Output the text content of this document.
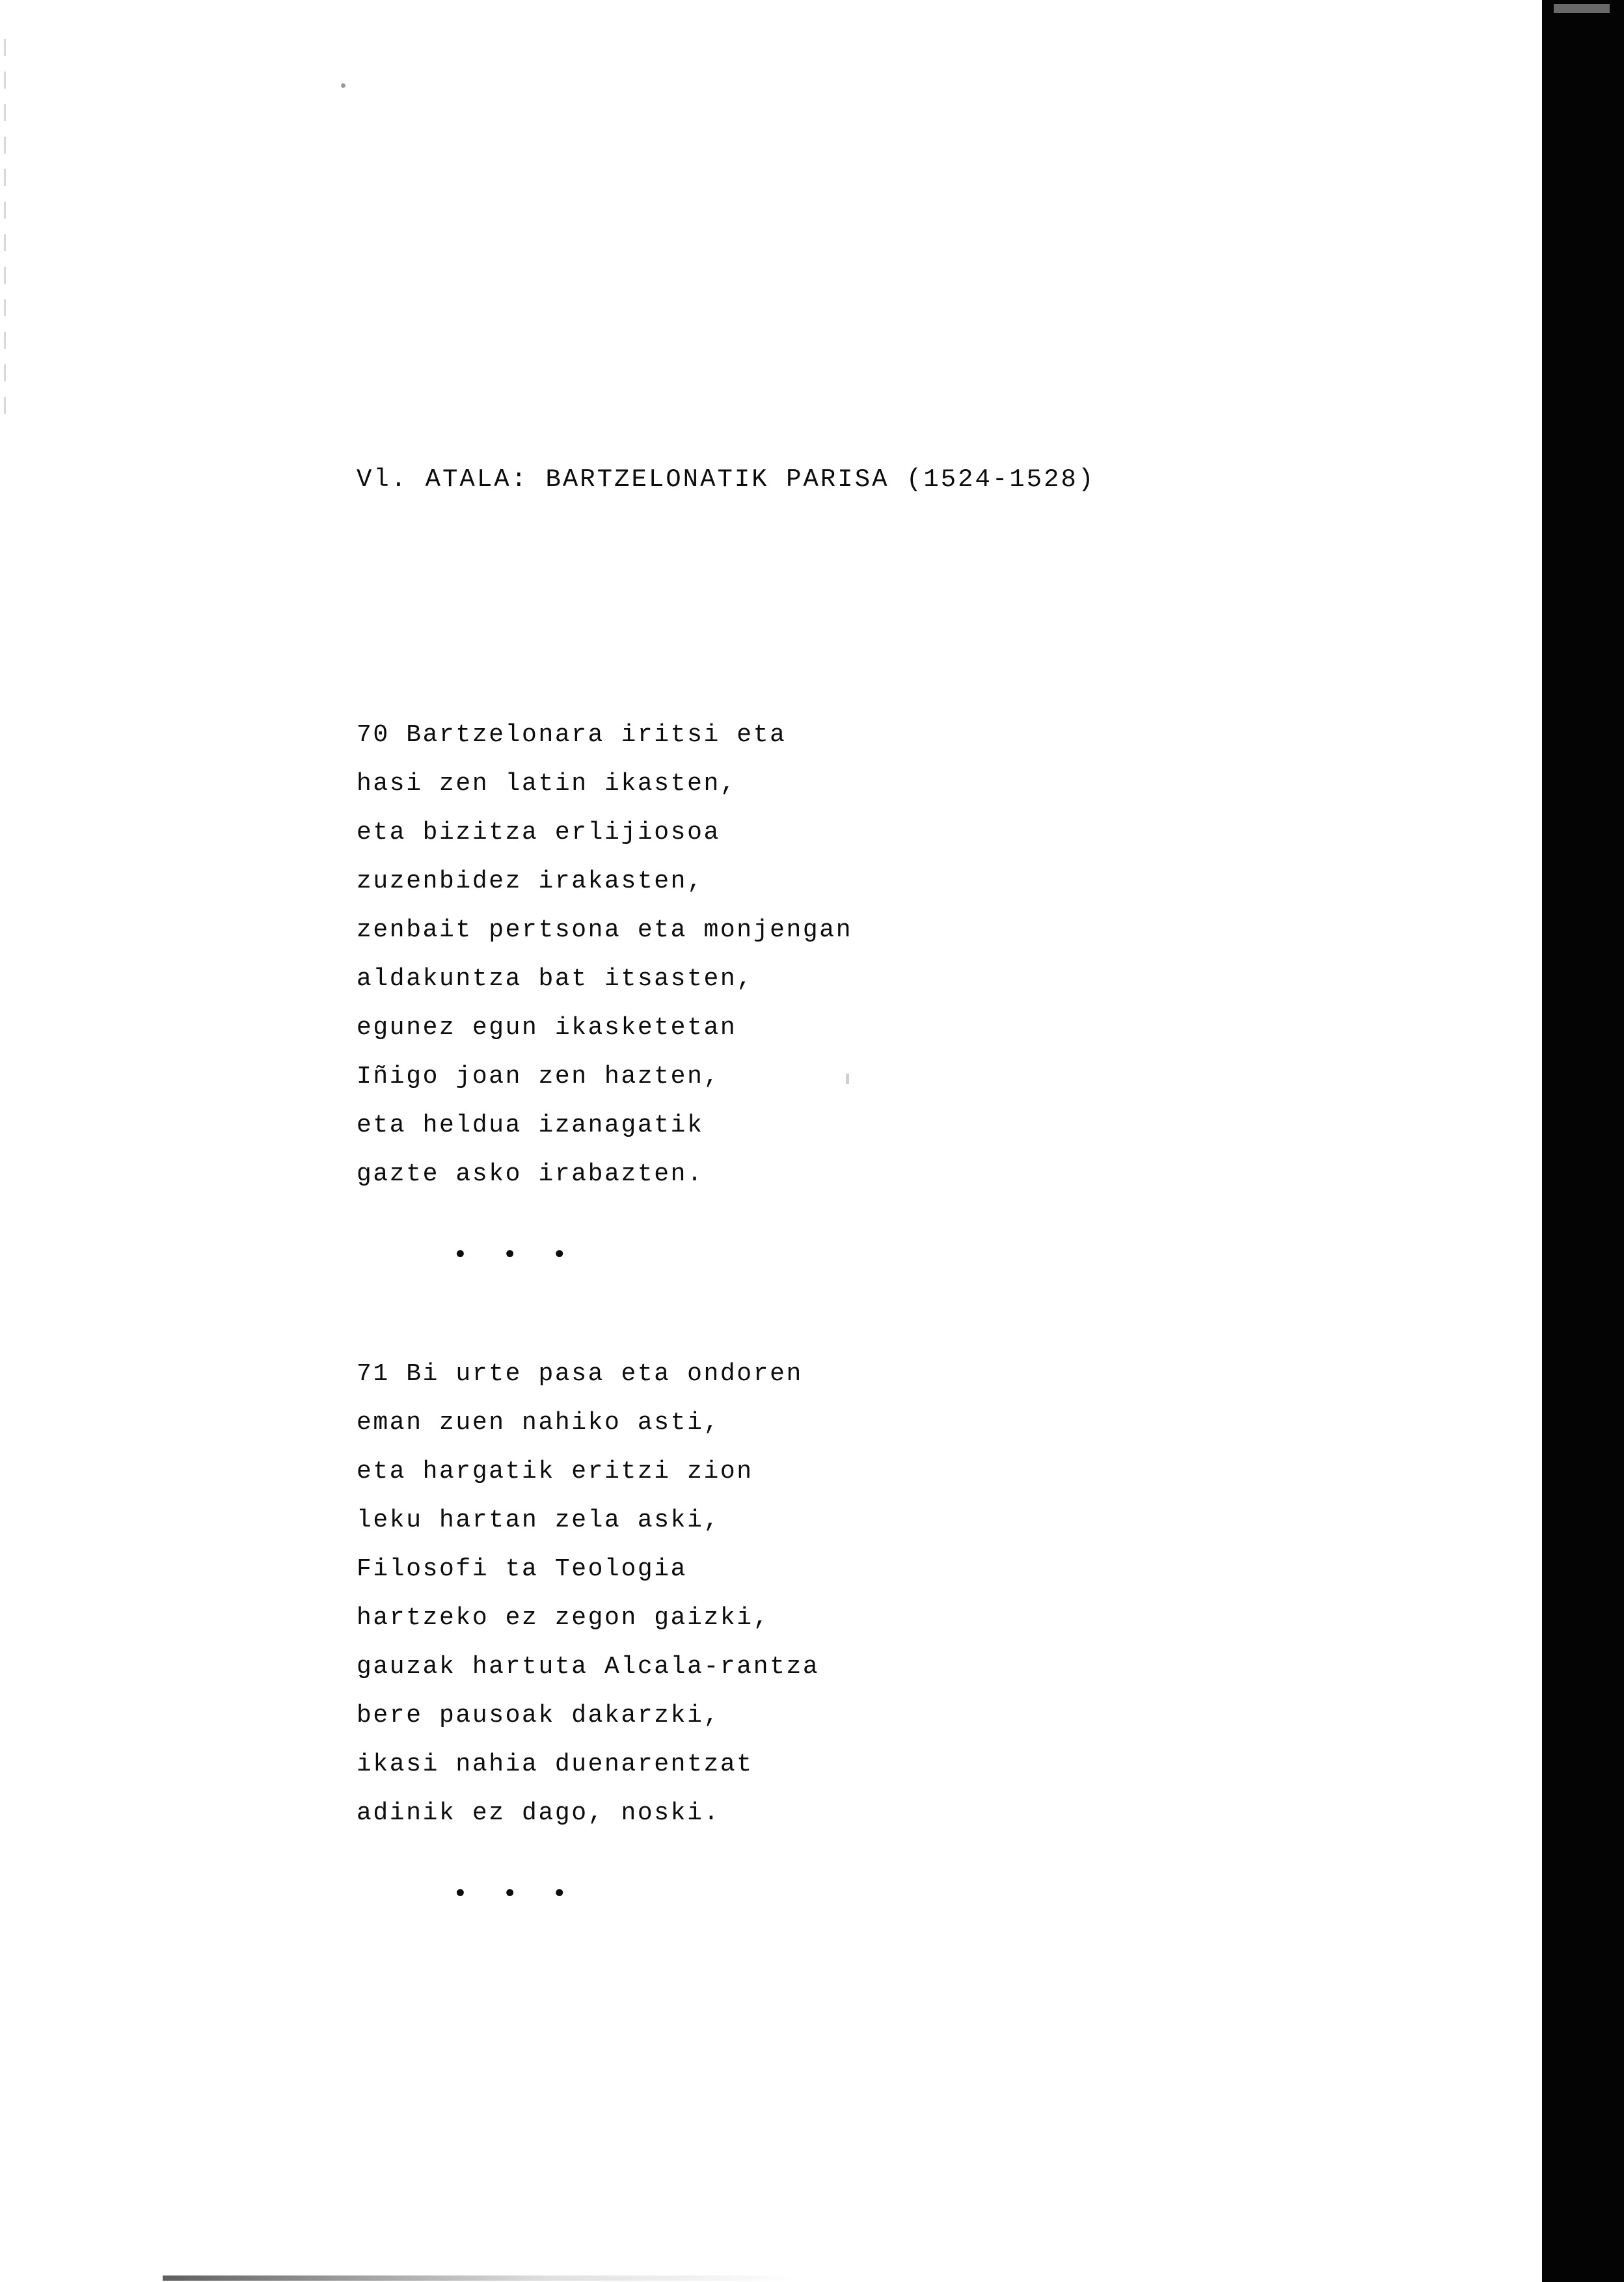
Vl. ATALA: BARTZELONATIK PARISA (1524-1528)
70 Bartzelonara iritsi eta
hasi zen latin ikasten,
eta bizitza erlijiosoa
zuzenbidez irakasten,
zenbait pertsona eta monjengan
aldakuntza bat itsasten,
egunez egun ikasketetan
Iñigo joan zen hazten,
eta heldua izanagatik
gazte asko irabazten.
•  •  •
71 Bi urte pasa eta ondoren
eman zuen nahiko asti,
eta hargatik eritzi zion
leku hartan zela aski,
Filosofi ta Teologia
hartzeko ez zegon gaizki,
gauzak hartuta Alcala-rantza
bere pausoak dakarzki,
ikasi nahia duenarentzat
adinik ez dago, noski.
•  •  •
